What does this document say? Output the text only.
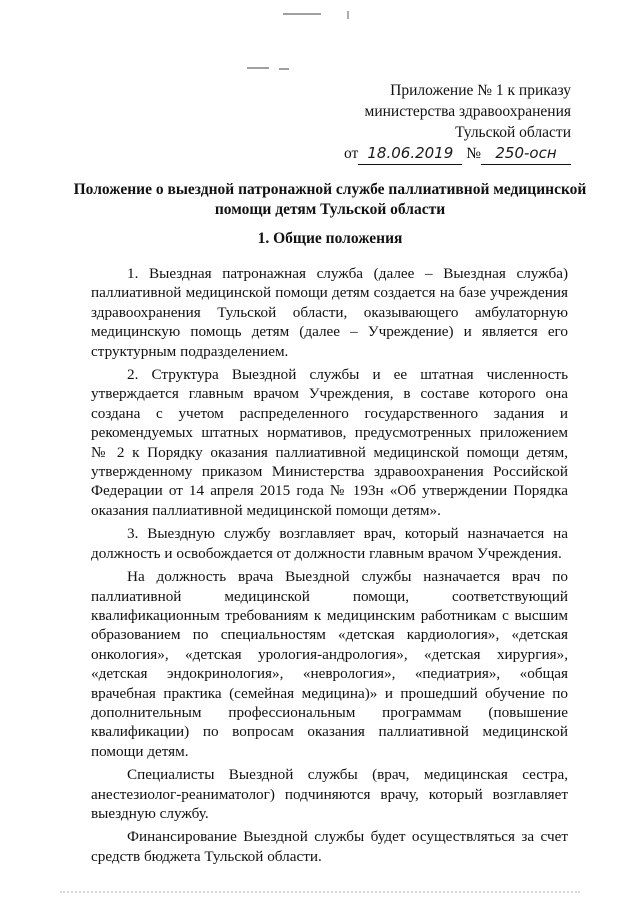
Приложение № 1 к приказу
министерства здравоохранения
Тульской области
от 18.06.2019 № 250-осн
Положение о выездной патронажной службе паллиативной медицинской помощи детям Тульской области
1. Общие положения

1. Выездная патронажная служба (далее – Выездная служба) паллиативной медицинской помощи детям создается на базе учреждения здравоохранения Тульской области, оказывающего амбулаторную медицинскую помощь детям (далее – Учреждение) и является его структурным подразделением.

2. Структура Выездной службы и ее штатная численность утверждается главным врачом Учреждения, в составе которого она создана с учетом распределенного государственного задания и рекомендуемых штатных нормативов, предусмотренных приложением № 2 к Порядку оказания паллиативной медицинской помощи детям, утвержденному приказом Министерства здравоохранения Российской Федерации от 14 апреля 2015 года № 193н «Об утверждении Порядка оказания паллиативной медицинской помощи детям».

3. Выездную службу возглавляет врач, который назначается на должность и освобождается от должности главным врачом Учреждения.

На должность врача Выездной службы назначается врач по паллиативной медицинской помощи, соответствующий квалификационным требованиям к медицинским работникам с высшим образованием по специальностям «детская кардиология», «детская онкология», «детская урология-андрология», «детская хирургия», «детская эндокринология», «неврология», «педиатрия», «общая врачебная практика (семейная медицина)» и прошедший обучение по дополнительным профессиональным программам (повышение квалификации) по вопросам оказания паллиативной медицинской помощи детям.

Специалисты Выездной службы (врач, медицинская сестра, анестезиолог-реаниматолог) подчиняются врачу, который возглавляет выездную службу.

Финансирование Выездной службы будет осуществляться за счет средств бюджета Тульской области.
